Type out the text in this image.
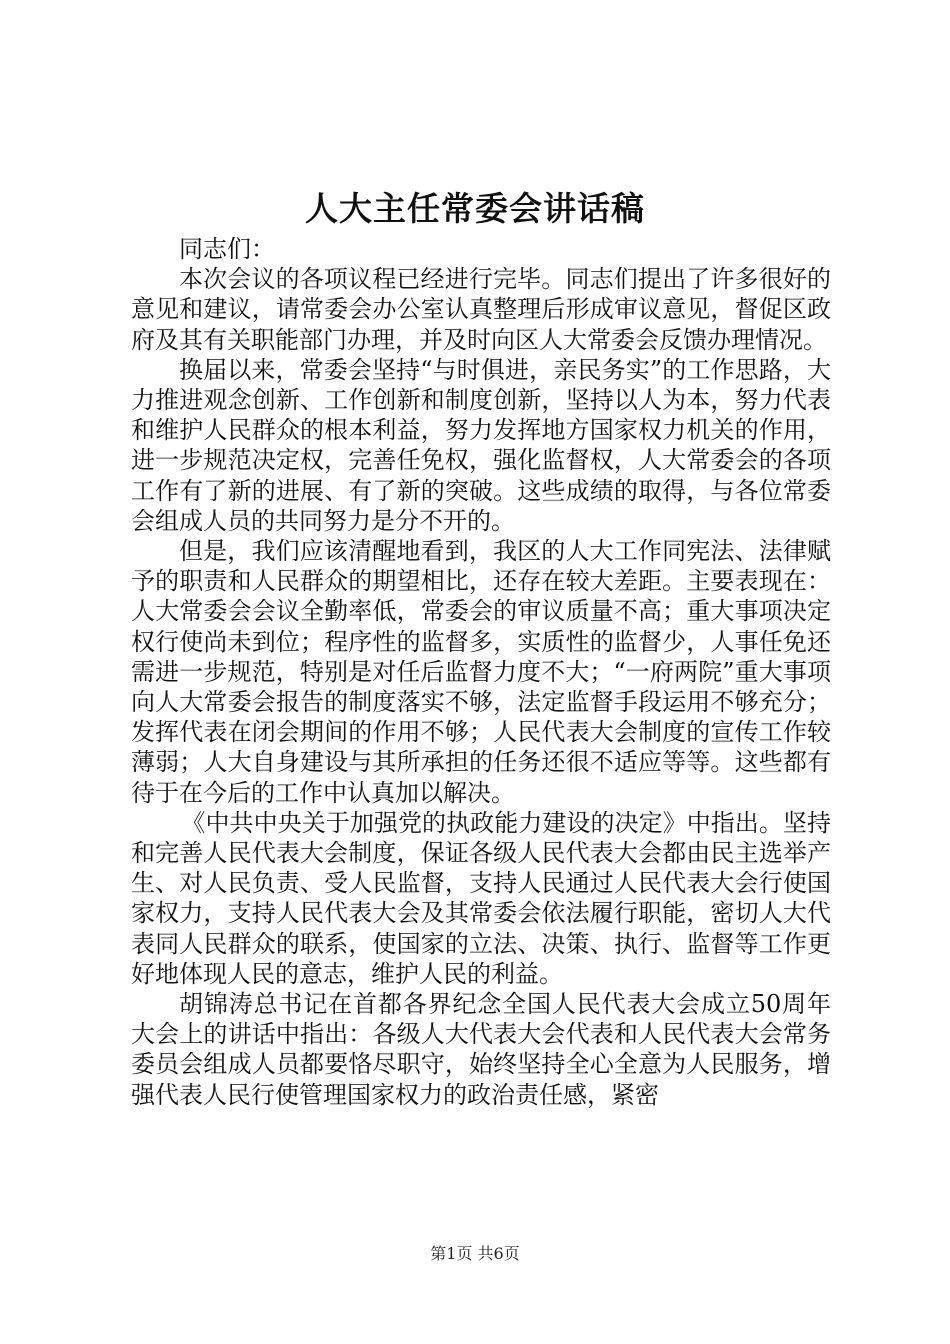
人大主任常委会讲话稿

同志们：

本次会议的各项议程已经进行完毕。同志们提出了许多很好的意见和建议，请常委会办公室认真整理后形成审议意见，督促区政府及其有关职能部门办理，并及时向区人大常委会反馈办理情况。

换届以来，常委会坚持“与时俱进，亲民务实”的工作思路，大力推进观念创新、工作创新和制度创新，坚持以人为本，努力代表和维护人民群众的根本利益，努力发挥地方国家权力机关的作用，进一步规范决定权，完善任免权，强化监督权，人大常委会的各项工作有了新的进展、有了新的突破。这些成绩的取得，与各位常委会组成人员的共同努力是分不开的。

但是，我们应该清醒地看到，我区的人大工作同宪法、法律赋予的职责和人民群众的期望相比，还存在较大差距。主要表现在：人大常委会会议全勤率低，常委会的审议质量不高；重大事项决定权行使尚未到位；程序性的监督多，实质性的监督少，人事任免还需进一步规范，特别是对任后监督力度不大；“一府两院”重大事项向人大常委会报告的制度落实不够，法定监督手段运用不够充分；发挥代表在闭会期间的作用不够；人民代表大会制度的宣传工作较薄弱；人大自身建设与其所承担的任务还很不适应等等。这些都有待于在今后的工作中认真加以解决。

《中共中央关于加强党的执政能力建设的决定》中指出。坚持和完善人民代表大会制度，保证各级人民代表大会都由民主选举产生、对人民负责、受人民监督，支持人民通过人民代表大会行使国家权力，支持人民代表大会及其常委会依法履行职能，密切人大代表同人民群众的联系，使国家的立法、决策、执行、监督等工作更好地体现人民的意志，维护人民的利益。

胡锦涛总书记在首都各界纪念全国人民代表大会成立50周年大会上的讲话中指出：各级人大代表大会代表和人民代表大会常务委员会组成人员都要恪尽职守，始终坚持全心全意为人民服务，增强代表人民行使管理国家权力的政治责任感，紧密

第1页 共6页
